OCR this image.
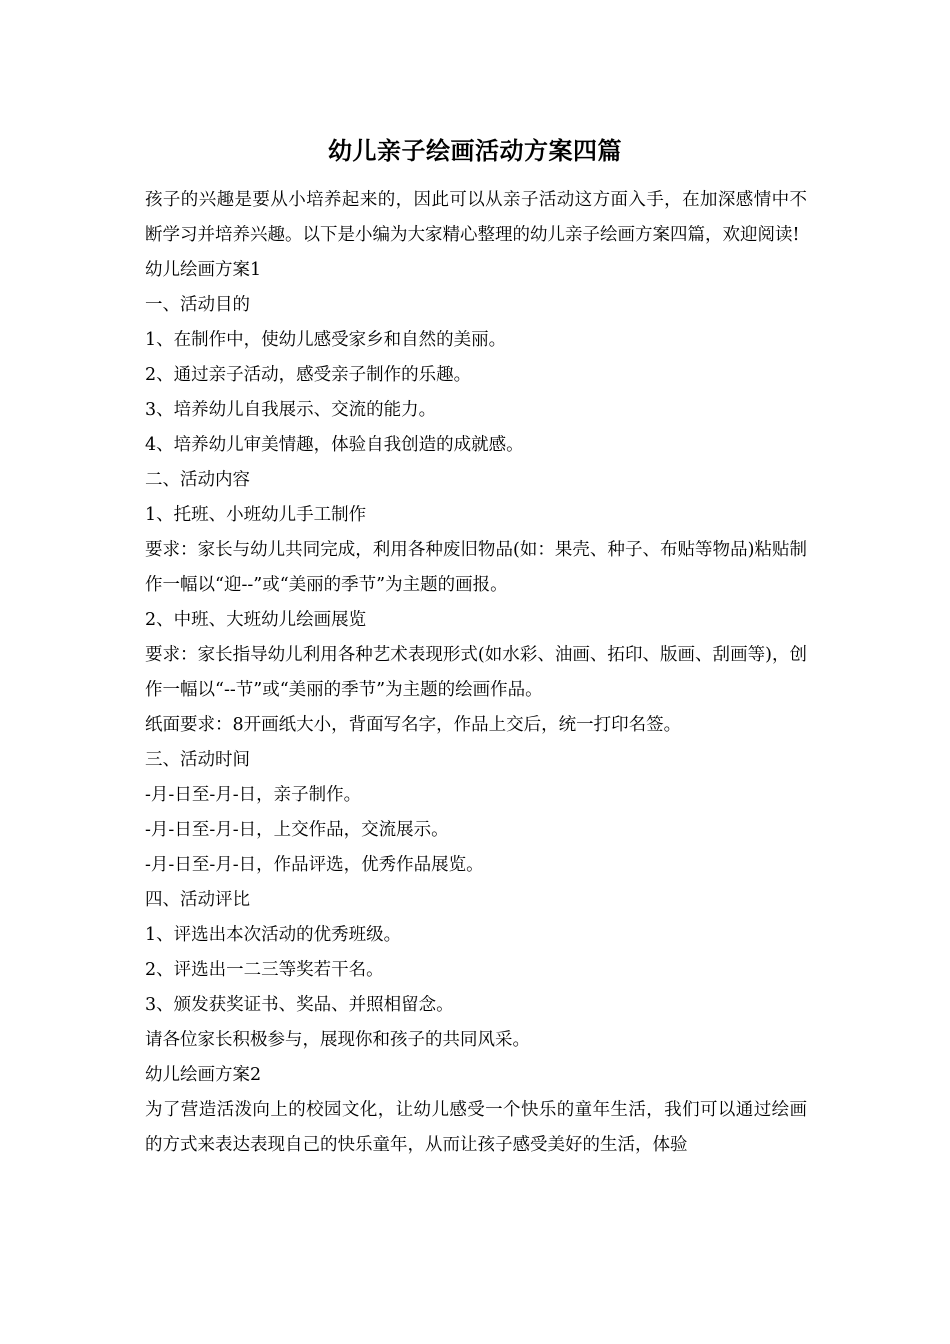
幼儿亲子绘画活动方案四篇

孩子的兴趣是要从小培养起来的，因此可以从亲子活动这方面入手，在加深感情中不断学习并培养兴趣。以下是小编为大家精心整理的幼儿亲子绘画方案四篇，欢迎阅读!

幼儿绘画方案1

一、活动目的

1、在制作中，使幼儿感受家乡和自然的美丽。

2、通过亲子活动，感受亲子制作的乐趣。

3、培养幼儿自我展示、交流的能力。

4、培养幼儿审美情趣，体验自我创造的成就感。

二、活动内容

1、托班、小班幼儿手工制作

要求：家长与幼儿共同完成，利用各种废旧物品(如：果壳、种子、布贴等物品)粘贴制作一幅以“迎--”或“美丽的季节”为主题的画报。

2、中班、大班幼儿绘画展览

要求：家长指导幼儿利用各种艺术表现形式(如水彩、油画、拓印、版画、刮画等)，创作一幅以“--节”或“美丽的季节”为主题的绘画作品。

纸面要求：8开画纸大小，背面写名字，作品上交后，统一打印名签。

三、活动时间

-月-日至-月-日，亲子制作。

-月-日至-月-日，上交作品，交流展示。

-月-日至-月-日，作品评选，优秀作品展览。

四、活动评比

1、评选出本次活动的优秀班级。

2、评选出一二三等奖若干名。

3、颁发获奖证书、奖品、并照相留念。

请各位家长积极参与，展现你和孩子的共同风采。

幼儿绘画方案2

为了营造活泼向上的校园文化，让幼儿感受一个快乐的童年生活，我们可以通过绘画的方式来表达表现自己的快乐童年，从而让孩子感受美好的生活，体验
